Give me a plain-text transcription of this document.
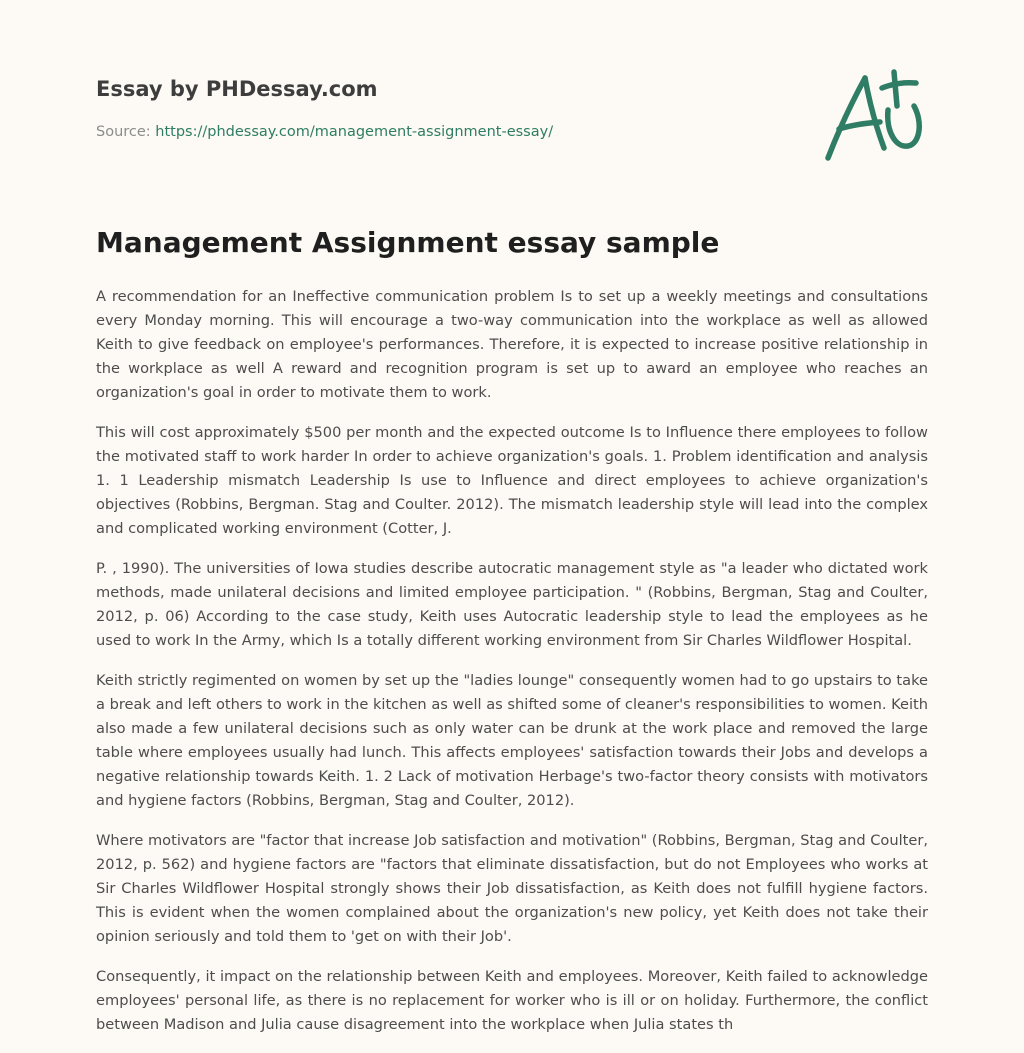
Essay by PHDessay.com
Source: https://phdessay.com/management-assignment-essay/
Management Assignment essay sample

A recommendation for an Ineffective communication problem Is to set up a weekly meetings and consultations every Monday morning. This will encourage a two-way communication into the workplace as well as allowed Keith to give feedback on employee's performances. Therefore, it is expected to increase positive relationship in the workplace as well A reward and recognition program is set up to award an employee who reaches an organization's goal in order to motivate them to work.

This will cost approximately $500 per month and the expected outcome Is to Influence there employees to follow the motivated staff to work harder In order to achieve organization's goals. 1. Problem identification and analysis 1. 1 Leadership mismatch Leadership Is use to Influence and direct employees to achieve organization's objectives (Robbins, Bergman. Stag and Coulter. 2012). The mismatch leadership style will lead into the complex and complicated working environment (Cotter, J.

P. , 1990). The universities of Iowa studies describe autocratic management style as "a leader who dictated work methods, made unilateral decisions and limited employee participation. " (Robbins, Bergman, Stag and Coulter, 2012, p. 06) According to the case study, Keith uses Autocratic leadership style to lead the employees as he used to work In the Army, which Is a totally different working environment from Sir Charles Wildflower Hospital.

Keith strictly regimented on women by set up the "ladies lounge" consequently women had to go upstairs to take a break and left others to work in the kitchen as well as shifted some of cleaner's responsibilities to women. Keith also made a few unilateral decisions such as only water can be drunk at the work place and removed the large table where employees usually had lunch. This affects employees' satisfaction towards their Jobs and develops a negative relationship towards Keith. 1. 2 Lack of motivation Herbage's two-factor theory consists with motivators and hygiene factors (Robbins, Bergman, Stag and Coulter, 2012).

Where motivators are "factor that increase Job satisfaction and motivation" (Robbins, Bergman, Stag and Coulter, 2012, p. 562) and hygiene factors are "factors that eliminate dissatisfaction, but do not Employees who works at Sir Charles Wildflower Hospital strongly shows their Job dissatisfaction, as Keith does not fulfill hygiene factors. This is evident when the women complained about the organization's new policy, yet Keith does not take their opinion seriously and told them to 'get on with their Job'.

Consequently, it impact on the relationship between Keith and employees. Moreover, Keith failed to acknowledge employees' personal life, as there is no replacement for worker who is ill or on holiday. Furthermore, the conflict between Madison and Julia cause disagreement into the workplace when Julia states th
